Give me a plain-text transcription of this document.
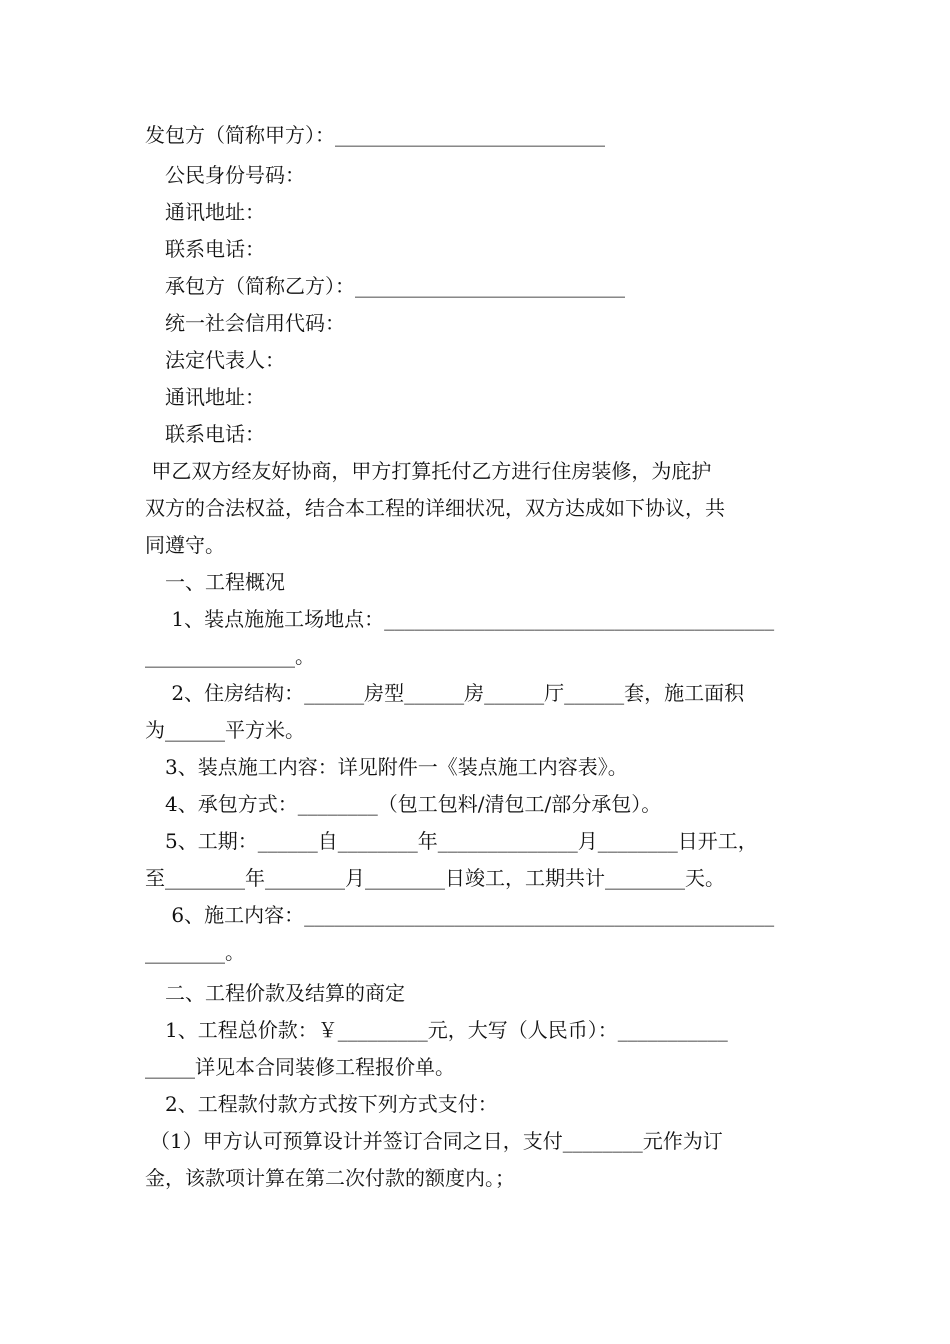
发包方（简称甲方）：___________________________
公民身份号码：
通讯地址：
联系电话：
承包方（简称乙方）：___________________________
统一社会信用代码：
法定代表人：
通讯地址：
联系电话：
甲乙双方经友好协商，甲方打算托付乙方进行住房装修，为庇护
双方的合法权益，结合本工程的详细状况，双方达成如下协议，共
同遵守。
一、工程概况
1、装点施施工场地点：_______________________________________
_______________。
2、住房结构：______房型______房______厅______套，施工面积
为______平方米。
3、装点施工内容：详见附件一《装点施工内容表》。
4、承包方式：________（包工包料/清包工/部分承包）。
5、工期：______自________年______________月________日开工，
至________年________月________日竣工，工期共计________天。
6、施工内容：_______________________________________________
________。
二、工程价款及结算的商定
1、工程总价款：￥_________元，大写（人民币）：___________
_____详见本合同装修工程报价单。
2、工程款付款方式按下列方式支付：
（1）甲方认可预算设计并签订合同之日，支付________元作为订
金，该款项计算在第二次付款的额度内。；
